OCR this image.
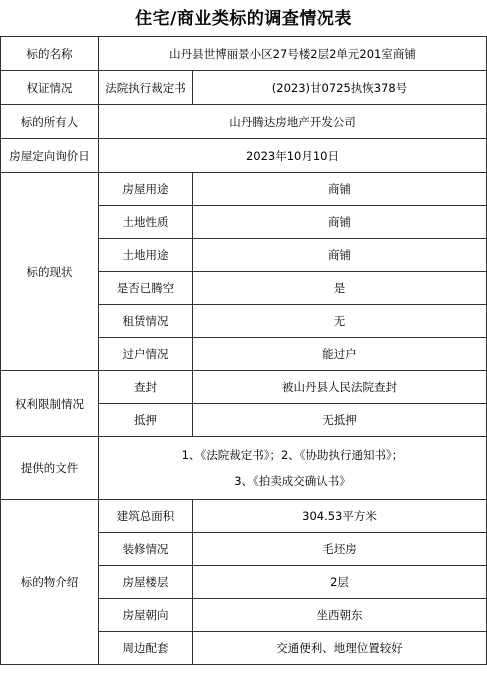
住宅/商业类标的调查情况表
标的名称	山丹县世博丽景小区27号楼2层2单元201室商铺	
权证情况	法院执行裁定书	(2023)甘0725执恢378号
标的所有人	山丹腾达房地产开发公司	
房屋定向询价日	2023年10月10日	
标的现状	房屋用途	商铺
	土地性质	商铺
	土地用途	商铺
	是否已腾空	是
	租赁情况	无
	过户情况	能过户
权利限制情况	查封	被山丹县人民法院查封
	抵押	无抵押
提供的文件	1、《法院裁定书》；2、《协助执行通知书》；
3、《拍卖成交确认书》	

标的物介绍	建筑总面积	304.53平方米
	装修情况	毛坯房
	房屋楼层	2层
	房屋朝向	坐西朝东
	周边配套	交通便利、地理位置较好
